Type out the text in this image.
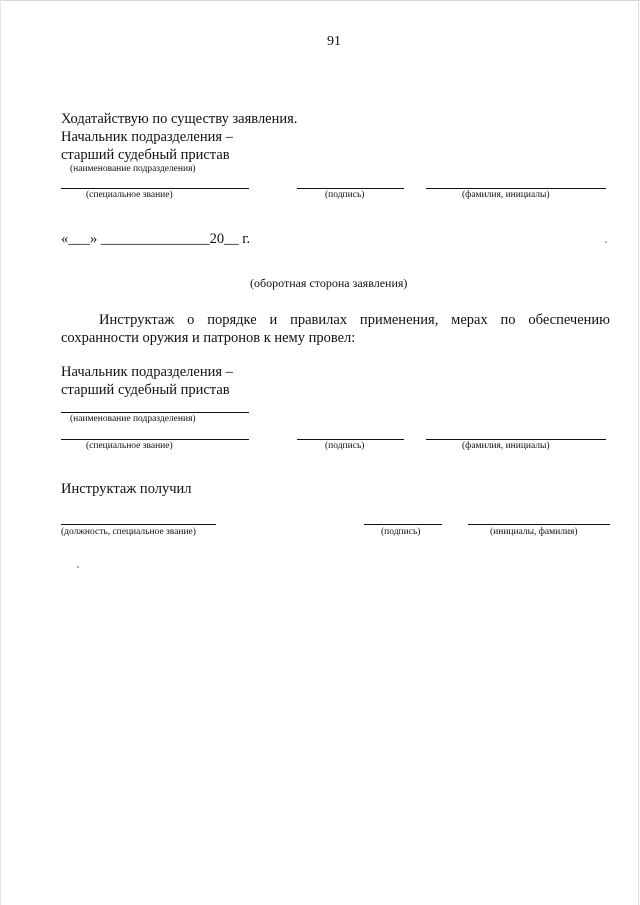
91
Ходатайствую по существу заявления.
Начальник подразделения –
старший судебный пристав
(наименование подразделения)
(специальное звание)	(подпись)	(фамилия, инициалы)
«___» _______________20__ г.
(оборотная сторона заявления)
Инструктаж о порядке и правилах применения, мерах по обеспечению
сохранности оружия и патронов к нему провел:
Начальник подразделения –
старший судебный пристав
(наименование подразделения)
(специальное звание)	(подпись)	(фамилия, инициалы)
Инструктаж получил
(должность, специальное звание)	(подпись)	(инициалы, фамилия)
